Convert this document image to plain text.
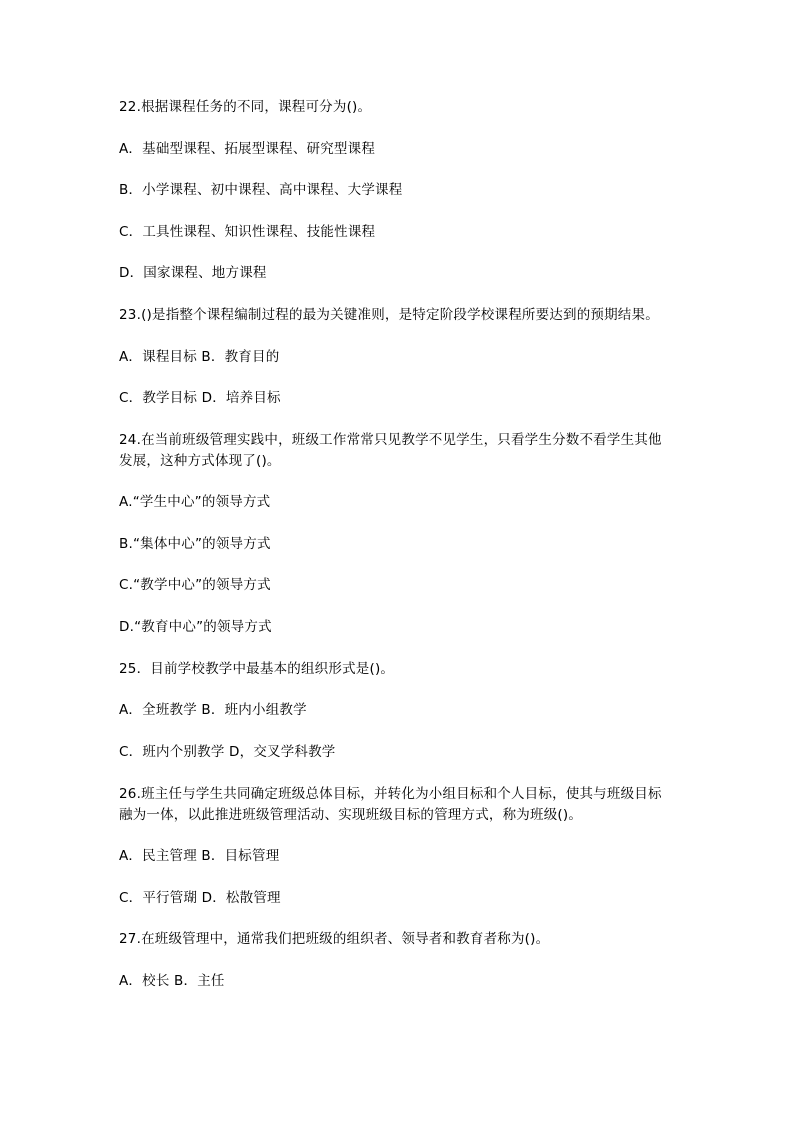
22.根据课程任务的不同，课程可分为()。
A．基础型课程、拓展型课程、研究型课程
B．小学课程、初中课程、高中课程、大学课程
C．工具性课程、知识性课程、技能性课程
D．国家课程、地方课程
23.()是指整个课程编制过程的最为关键准则，是特定阶段学校课程所要达到的预期结果。
A．课程目标 B．教育目的
C．教学目标 D．培养目标
24.在当前班级管理实践中，班级工作常常只见教学不见学生，只看学生分数不看学生其他
发展，这种方式体现了()。
A.“学生中心”的领导方式
B.“集体中心”的领导方式
C.“教学中心”的领导方式
D.“教育中心”的领导方式
25．目前学校教学中最基本的组织形式是()。
A．全班教学 B．班内小组教学
C．班内个别教学 D，交叉学科教学
26.班主任与学生共同确定班级总体目标，并转化为小组目标和个人目标，使其与班级目标
融为一体，以此推进班级管理活动、实现班级目标的管理方式，称为班级()。
A．民主管理 B．目标管理
C．平行管瑚 D．松散管理
27.在班级管理中，通常我们把班级的组织者、领导者和教育者称为()。
A．校长 B．主任
